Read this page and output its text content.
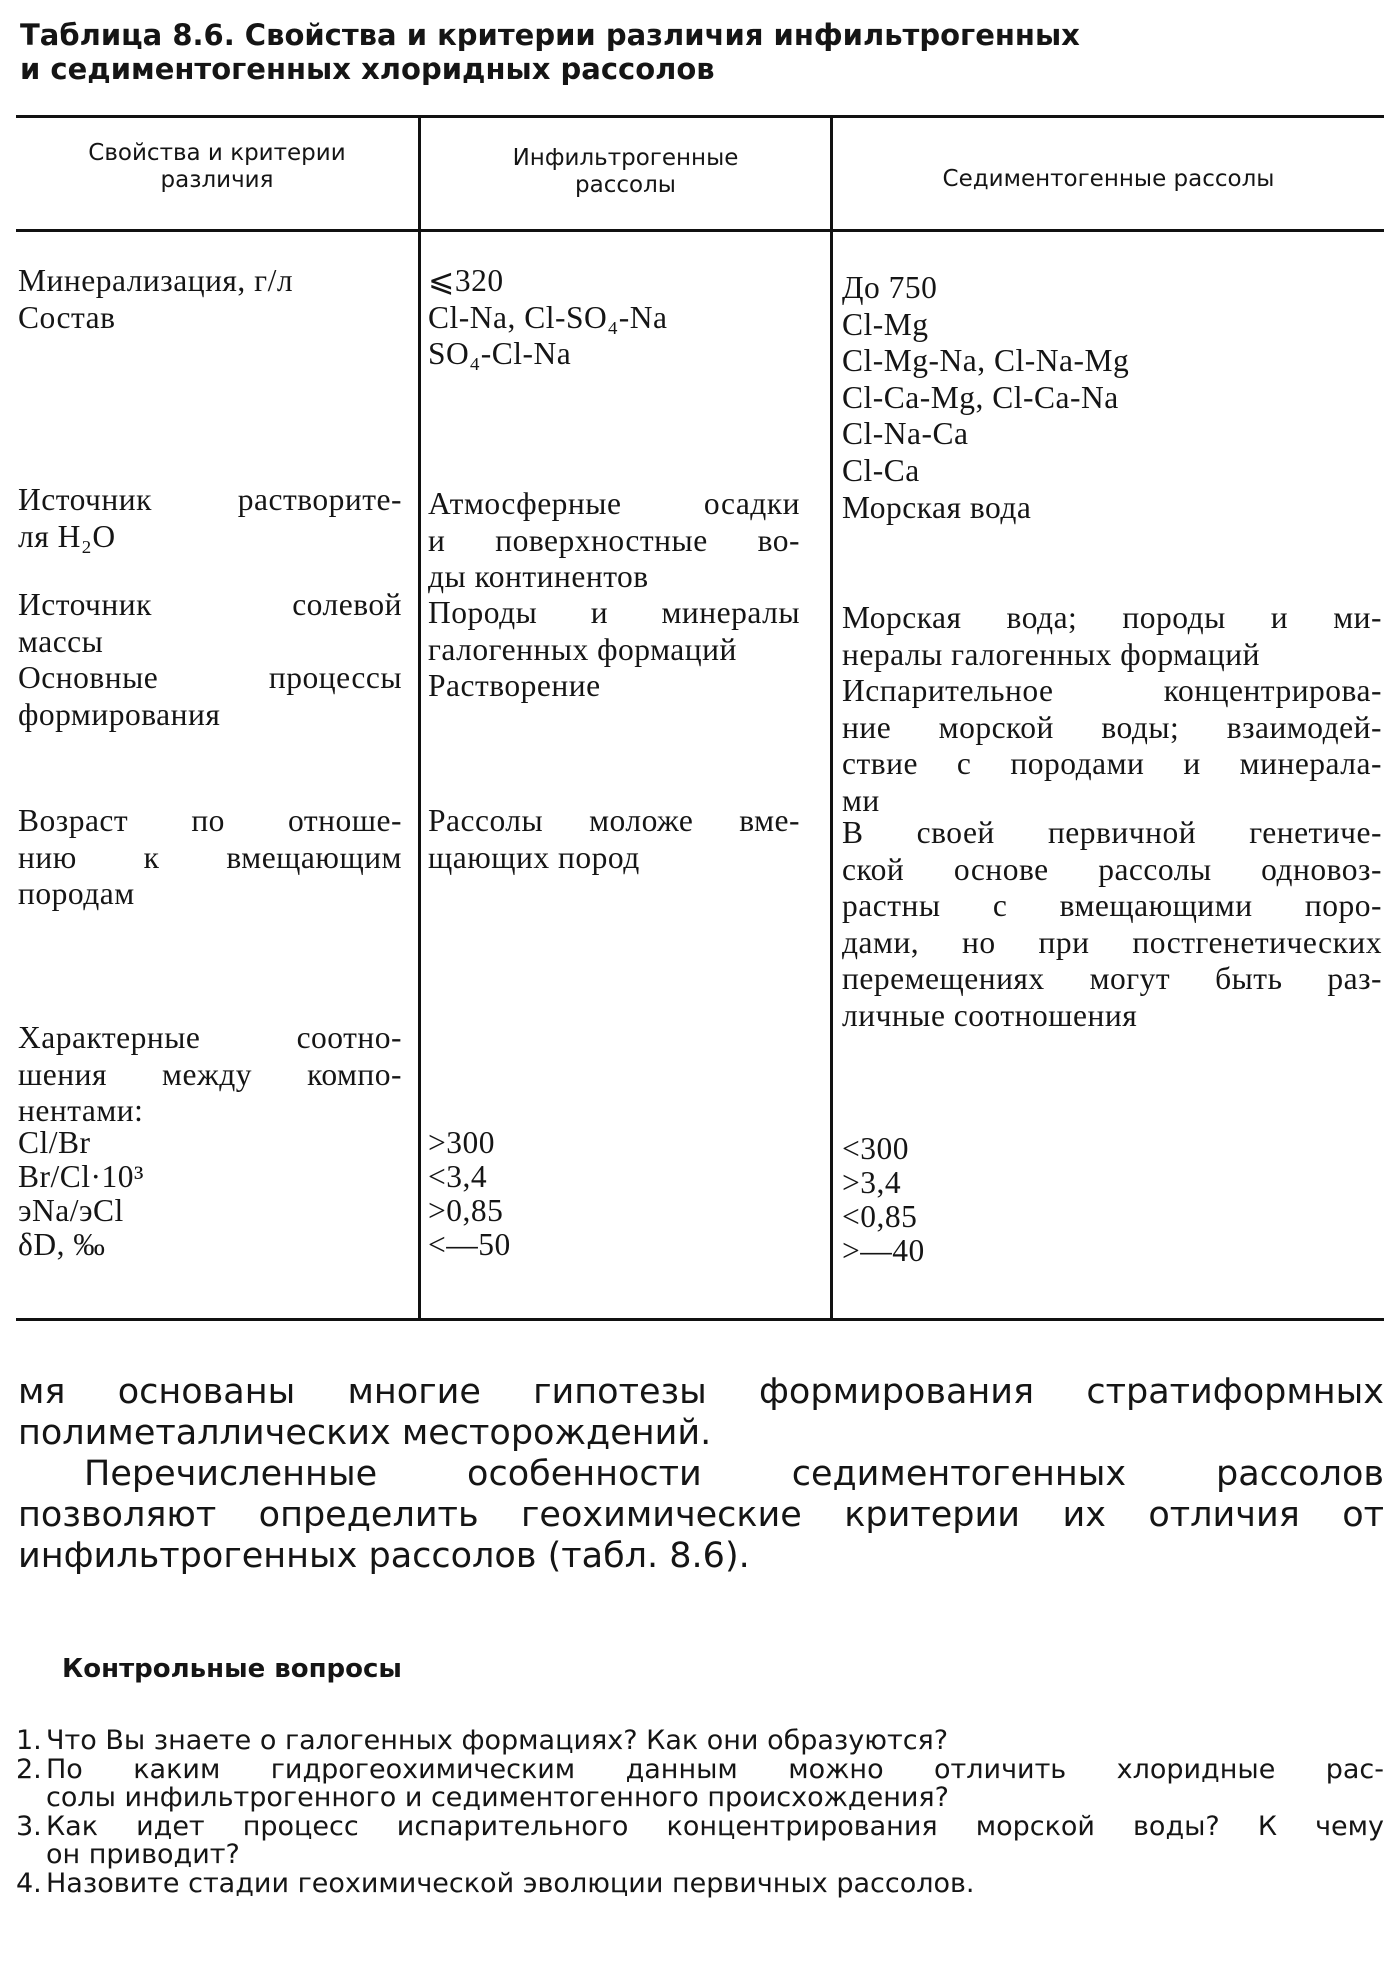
Таблица 8.6. Свойства и критерии различия инфильтрогенных
и седиментогенных хлоридных рассолов
Свойства и критерии
различия
Инфильтрогенные
рассолы	Седиментогенные рассолы
Минерализация, г/л
Состав
Источник растворите-
ля H₂O
Источник солевой
массы
Основные процессы
формирования
Возраст по отноше-
нию к вмещающим
породам
Характерные соотно-
шения между компо-
нентами:
Cl/Br
Br/Cl·10³
эNa/эCl
δD, ‰
⩽320
Cl-Na, Cl-SO₄-Na
SO₄-Cl-Na
Атмосферные осадки
и поверхностные во-
ды континентов
Породы и минералы
галогенных формаций
Растворение
Рассолы моложе вме-
щающих пород
>300
<3,4
>0,85
<—50
До 750
Cl-Mg
Cl-Mg-Na, Cl-Na-Mg
Cl-Ca-Mg, Cl-Ca-Na
Cl-Na-Ca
Cl-Ca
Морская вода
Морская вода; породы и ми-
нералы галогенных формаций
Испарительное концентрирова-
ние морской воды; взаимодей-
ствие с породами и минерала-
ми
В своей первичной генетиче-
ской основе рассолы одновоз-
растны с вмещающими поро-
дами, но при постгенетических
перемещениях могут быть раз-
личные соотношения
<300
>3,4
<0,85
>—40
мя основаны многие гипотезы формирования стратиформных
полиметаллических месторождений.
Перечисленные особенности седиментогенных рассолов
позволяют определить геохимические критерии их отличия от
инфильтрогенных рассолов (табл. 8.6).
Контрольные вопросы
1. Что Вы знаете о галогенных формациях? Как они образуются?
2. По каким гидрогеохимическим данным можно отличить хлоридные рас-
солы инфильтрогенного и седиментогенного происхождения?
3. Как идет процесс испарительного концентрирования морской воды? К чему
он приводит?
4. Назовите стадии геохимической эволюции первичных рассолов.
